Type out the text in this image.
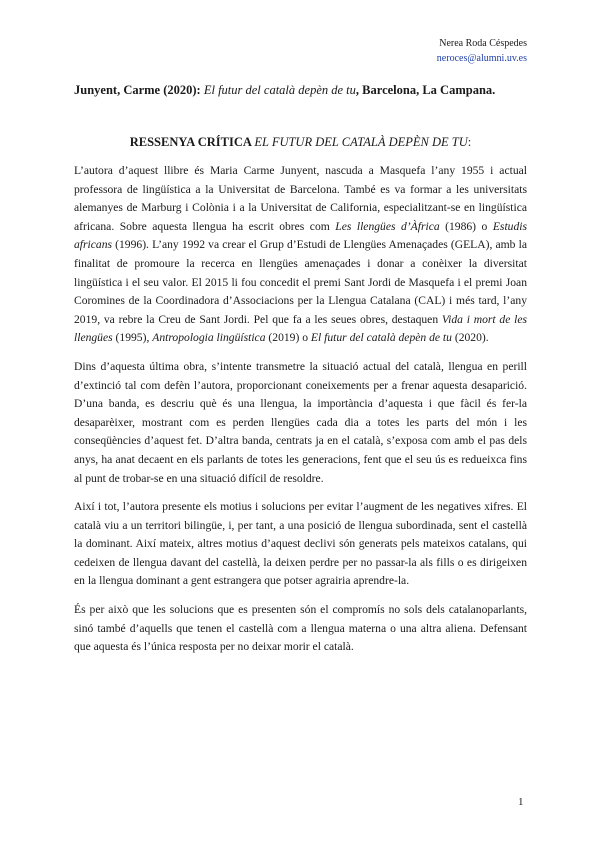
Nerea Roda Céspedes
neroces@alumni.uv.es
Junyent, Carme (2020): El futur del català depèn de tu, Barcelona, La Campana.
RESSENYA CRÍTICA EL FUTUR DEL CATALÀ DEPÈN DE TU:

L’autora d’aquest llibre és Maria Carme Junyent, nascuda a Masquefa l’any 1955 i actual professora de lingüística a la Universitat de Barcelona. També es va formar a les universitats alemanyes de Marburg i Colònia i a la Universitat de California, especialitzant-se en lingüística africana. Sobre aquesta llengua ha escrit obres com Les llengües d’Àfrica (1986) o Estudis africans (1996). L’any 1992 va crear el Grup d’Estudi de Llengües Amenaçades (GELA), amb la finalitat de promoure la recerca en llengües amenaçades i donar a conèixer la diversitat lingüística i el seu valor. El 2015 li fou concedit el premi Sant Jordi de Masquefa i el premi Joan Coromines de la Coordinadora d’Associacions per la Llengua Catalana (CAL) i més tard, l’any 2019, va rebre la Creu de Sant Jordi. Pel que fa a les seues obres, destaquen Vida i mort de les llengües (1995), Antropologia lingüística (2019) o El futur del català depèn de tu (2020).

Dins d’aquesta última obra, s’intente transmetre la situació actual del català, llengua en perill d’extinció tal com defèn l’autora, proporcionant coneixements per a frenar aquesta desaparició. D’una banda, es descriu què és una llengua, la importància d’aquesta i que fàcil és fer-la desaparèixer, mostrant com es perden llengües cada dia a totes les parts del món i les conseqüències d’aquest fet. D’altra banda, centrats ja en el català, s’exposa com amb el pas dels anys, ha anat decaent en els parlants de totes les generacions, fent que el seu ús es redueixca fins al punt de trobar-se en una situació difícil de resoldre.

Així i tot, l’autora presente els motius i solucions per evitar l’augment de les negatives xifres. El català viu a un territori bilingüe, i, per tant, a una posició de llengua subordinada, sent el castellà la dominant. Així mateix, altres motius d’aquest declivi són generats pels mateixos catalans, qui cedeixen de llengua davant del castellà, la deixen perdre per no passar-la als fills o es dirigeixen en la llengua dominant a gent estrangera que potser agrairia aprendre-la.

És per això que les solucions que es presenten són el compromís no sols dels catalanoparlants, sinó també d’aquells que tenen el castellà com a llengua materna o una altra aliena. Defensant que aquesta és l’única resposta per no deixar morir el català.

1
